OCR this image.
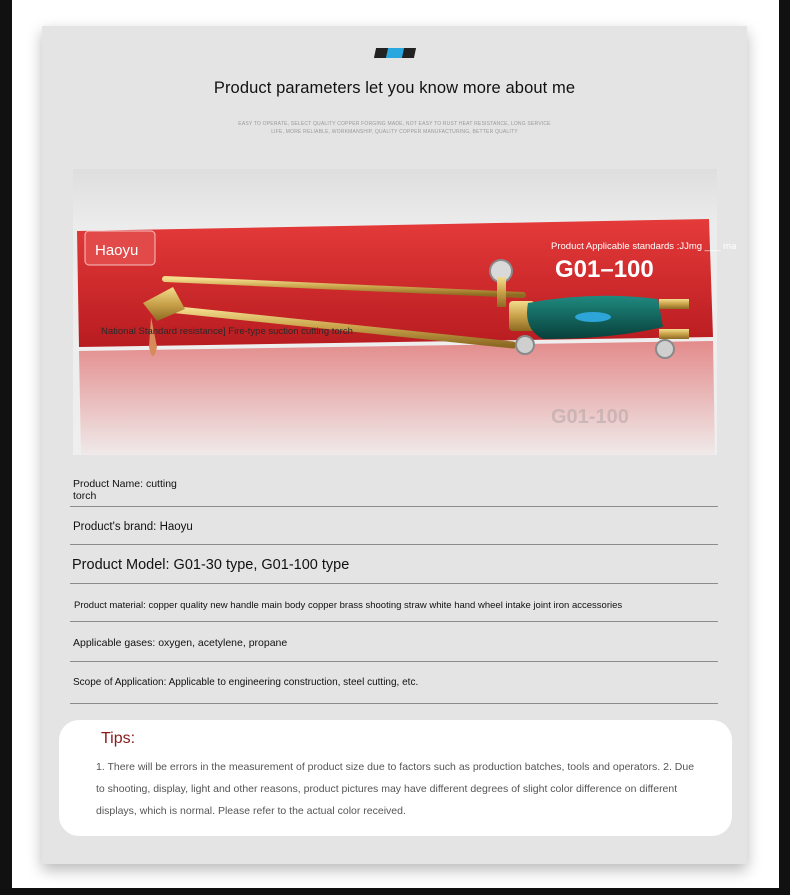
Product parameters let you know more about me
EASY TO OPERATE, SELECT QUALITY COPPER FORGING MADE, NOT EASY TO RUST HEAT RESISTANCE, LONG SERVICE LIFE, MORE RELIABLE, WORKMANSHIP, QUALITY COPPER MANUFACTURING, BETTER QUALITY
Haoyu
G01–100
G01-100
National Standard resistance] Fire-type suction cutting torch
Product Applicable standards :JJmg ___ ma
Product Name: cutting
torch
Product's brand: Haoyu
Product Model: G01-30 type, G01-100 type
Product material: copper quality new handle main body copper brass shooting straw white hand wheel intake joint iron accessories
Applicable gases: oxygen, acetylene, propane
Scope of Application: Applicable to engineering construction, steel cutting, etc.
Tips:
1. There will be errors in the measurement of product size due to factors such as production batches, tools and operators. 2. Due to shooting, display, light and other reasons, product pictures may have different degrees of slight color difference on different displays, which is normal. Please refer to the actual color received.
